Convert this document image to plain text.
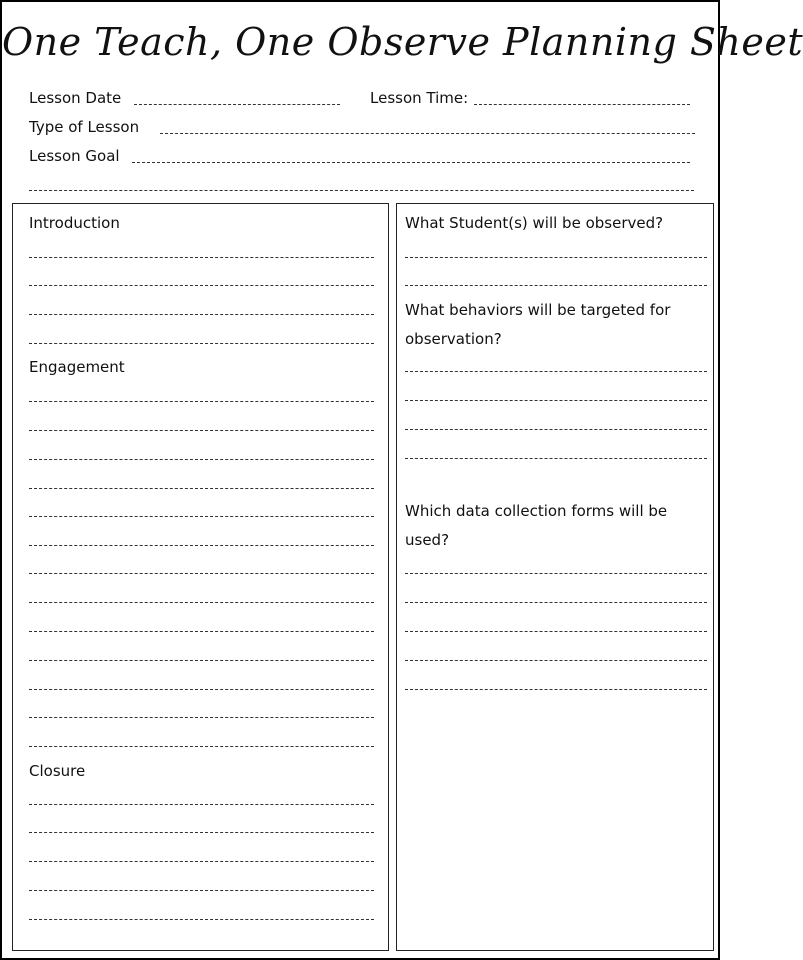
One Teach, One Observe Planning Sheet
Lesson Date	Lesson Time:
Type of Lesson
Lesson Goal
Introduction
Engagement
Closure
What Student(s) will be observed?
What behaviors will be targeted for observation?
Which data collection forms will be used?
